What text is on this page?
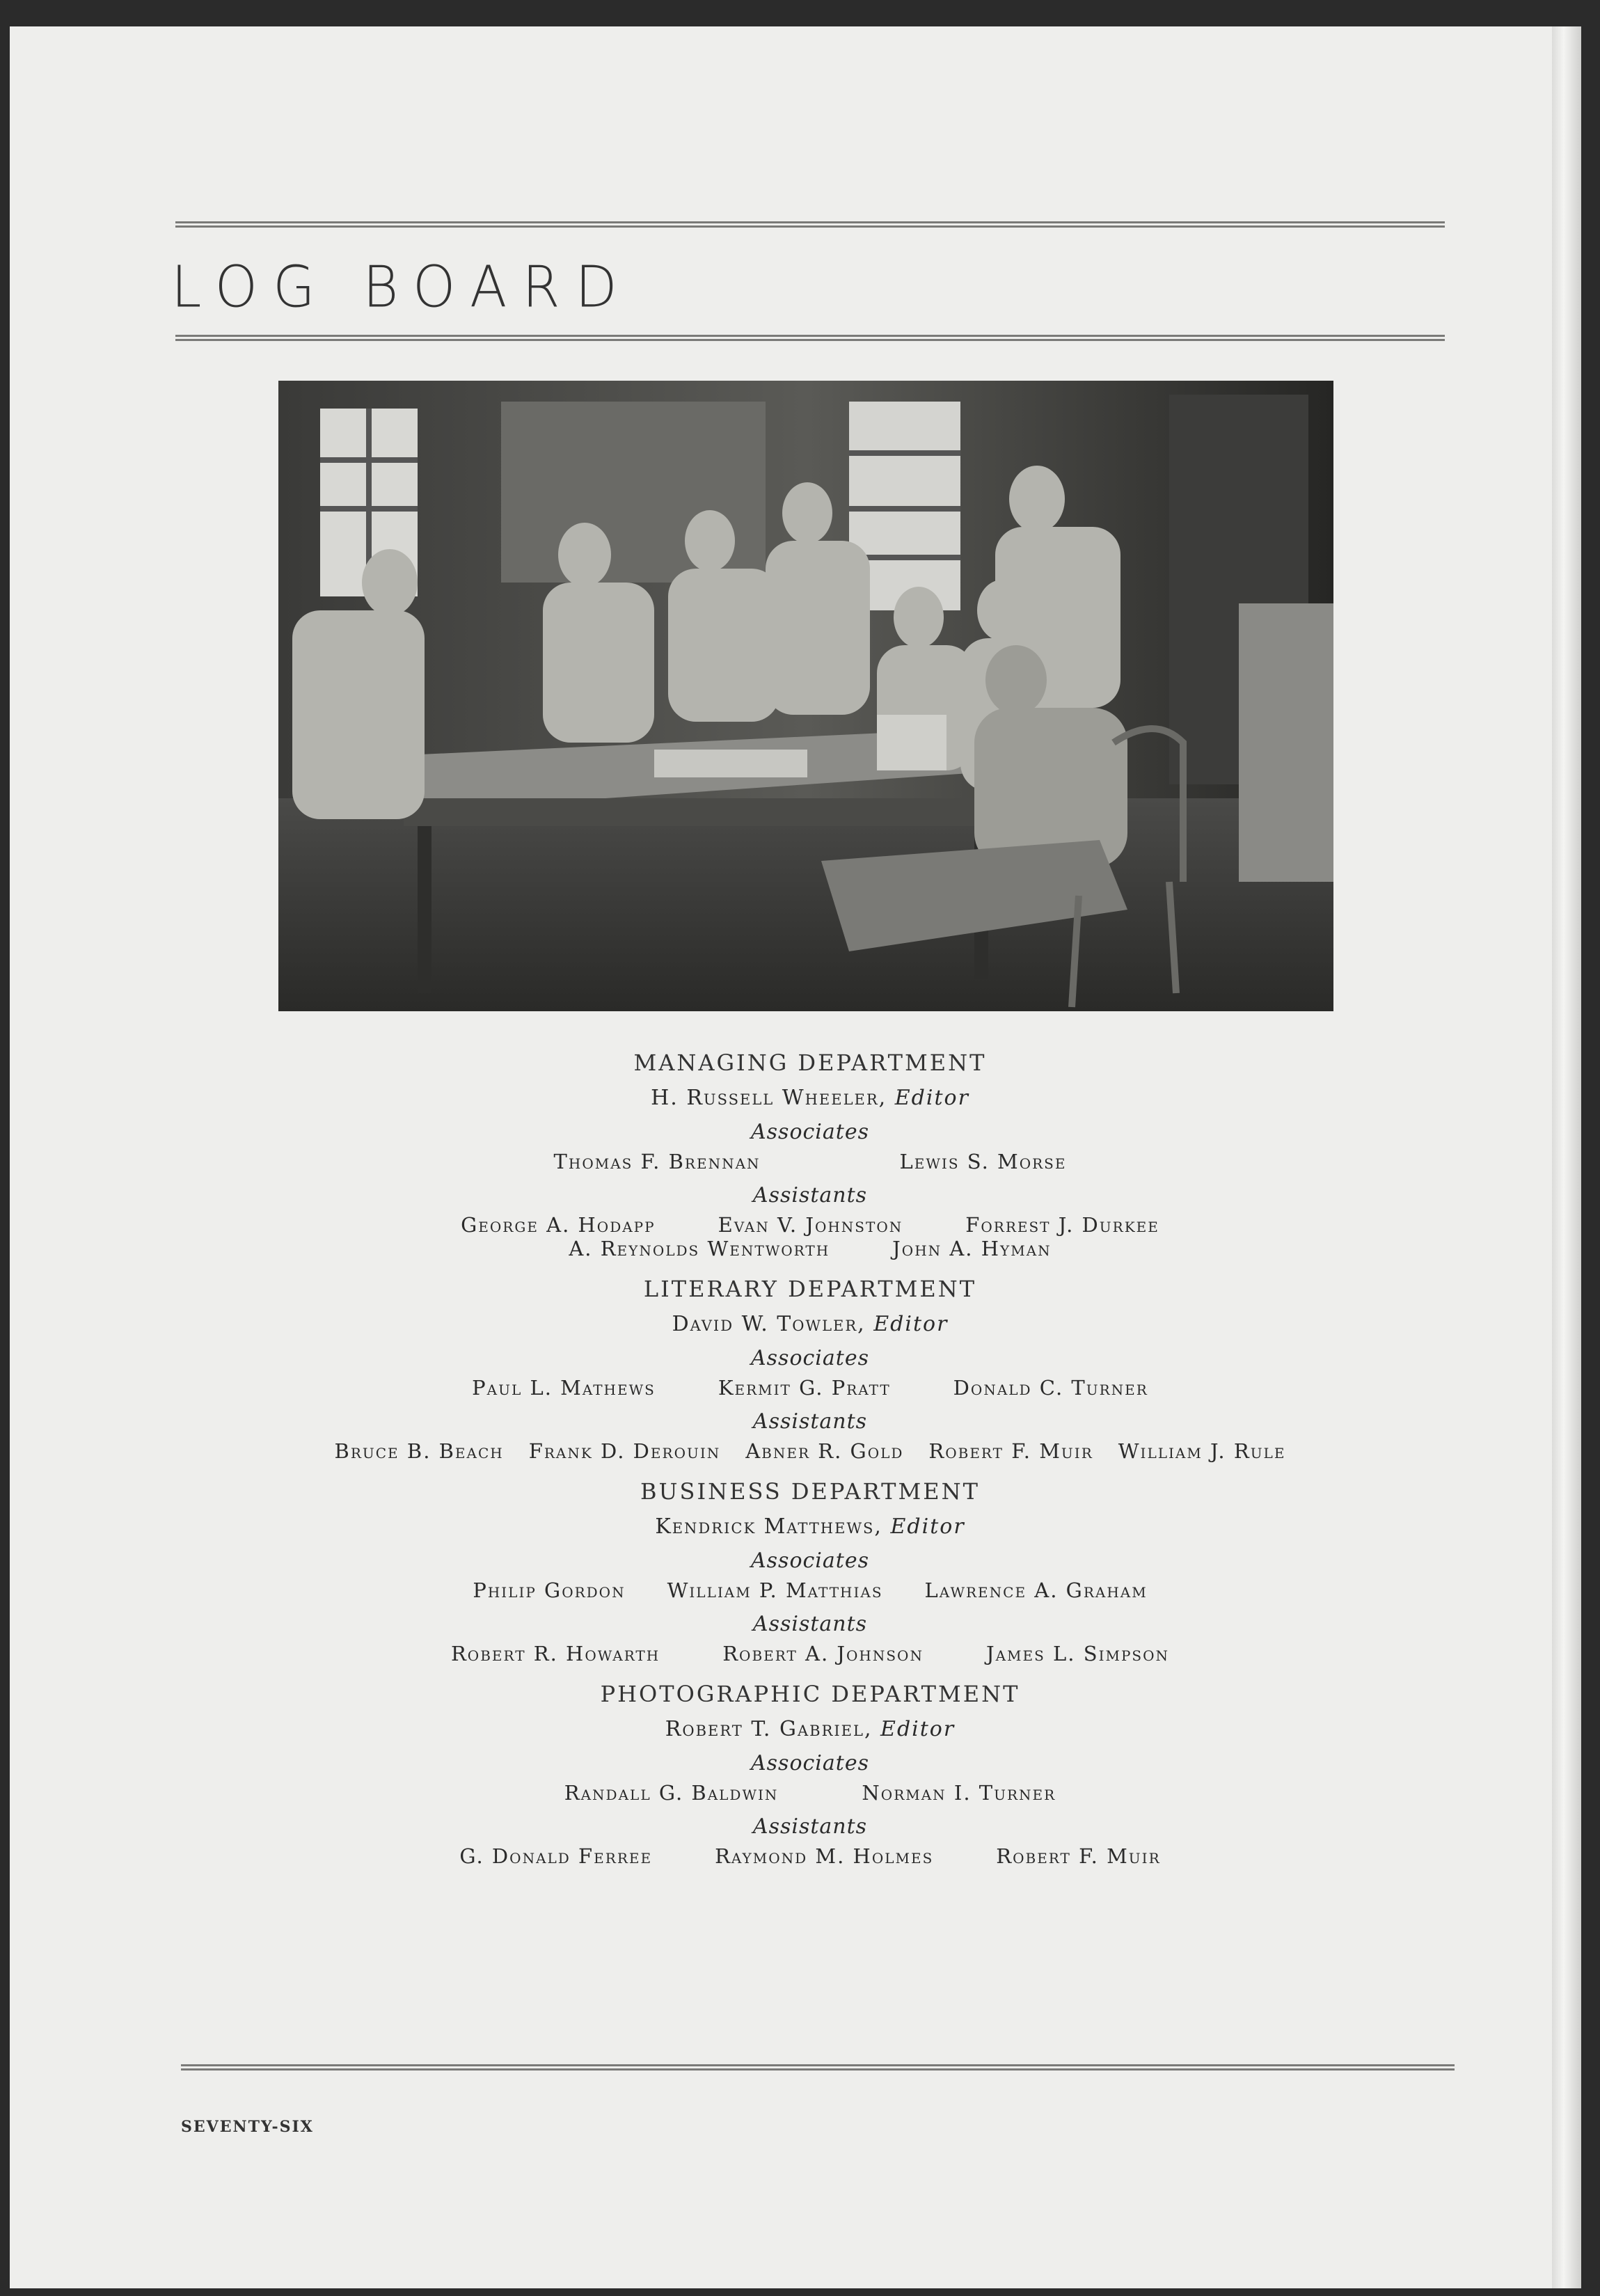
LOG BOARD
MANAGING DEPARTMENT
H. Russell Wheeler, Editor
Associates
Thomas F. Brennan	Lewis S. Morse
Assistants
George A. Hodapp	Evan V. Johnston	Forrest J. Durkee
A. Reynolds Wentworth	John A. Hyman
LITERARY DEPARTMENT
David W. Towler, Editor
Associates
Paul L. Mathews	Kermit G. Pratt	Donald C. Turner
Assistants
Bruce B. Beach Frank D. Derouin Abner R. Gold Robert F. Muir William J. Rule
BUSINESS DEPARTMENT
Kendrick Matthews, Editor
Associates
Philip Gordon William P. Matthias Lawrence A. Graham
Assistants
Robert R. Howarth	Robert A. Johnson	James L. Simpson
PHOTOGRAPHIC DEPARTMENT
Robert T. Gabriel, Editor
Associates
Randall G. Baldwin	Norman I. Turner
Assistants
G. Donald Ferree	Raymond M. Holmes	Robert F. Muir
SEVENTY-SIX
